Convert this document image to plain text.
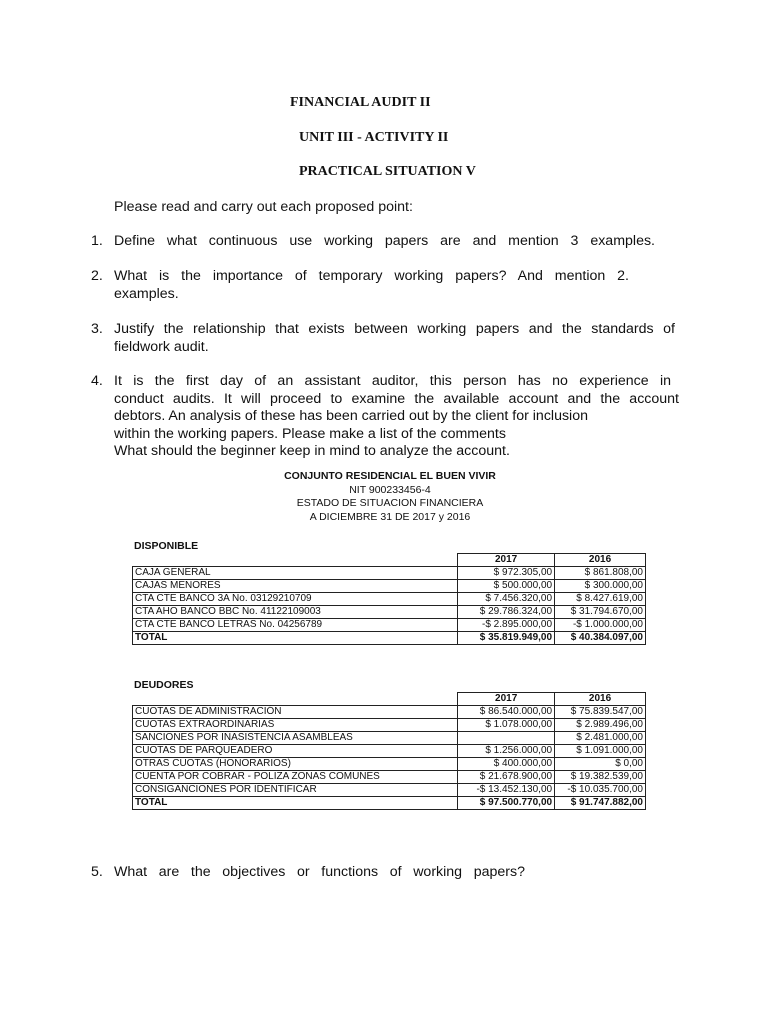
FINANCIAL AUDIT II
UNIT III - ACTIVITY II
PRACTICAL SITUATION V
Please read and carry out each proposed point:
1. Define what continuous use working papers are and mention 3 examples.
2. What is the importance of temporary working papers? And mention 2.
examples.
3. Justify the relationship that exists between working papers and the standards of
fieldwork audit.
4. It is the first day of an assistant auditor, this person has no experience in
conduct audits. It will proceed to examine the available account and the account
debtors. An analysis of these has been carried out by the client for inclusion
within the working papers. Please make a list of the comments
What should the beginner keep in mind to analyze the account.
CONJUNTO RESIDENCIAL EL BUEN VIVIR
NIT 900233456-4
ESTADO DE SITUACION FINANCIERA
A DICIEMBRE 31 DE 2017 y 2016
DISPONIBLE
	2017	2016
CAJA GENERAL	$ 972.305,00	$ 861.808,00
CAJAS MENORES	$ 500.000,00	$ 300.000,00
CTA CTE BANCO 3A No. 03129210709	$ 7.456.320,00	$ 8.427.619,00
CTA AHO BANCO BBC No. 41122109003	$ 29.786.324,00	$ 31.794.670,00
CTA CTE BANCO LETRAS No. 04256789	-$ 2.895.000,00	-$ 1.000.000,00
TOTAL	$ 35.819.949,00	$ 40.384.097,00
DEUDORES
	2017	2016
CUOTAS DE ADMINISTRACIÓN	$ 86.540.000,00	$ 75.839.547,00
CUOTAS EXTRAORDINARIAS	$ 1.078.000,00	$ 2.989.496,00
SANCIONES POR INASISTENCIA ASAMBLEAS		$ 2.481.000,00
CUOTAS DE PARQUEADERO	$ 1.256.000,00	$ 1.091.000,00
OTRAS CUOTAS (HONORARIOS)	$ 400.000,00	$ 0,00
CUENTA POR COBRAR - POLIZA ZONAS COMUNES	$ 21.678.900,00	$ 19.382.539,00
CONSIGANCIONES POR IDENTIFICAR	-$ 13.452.130,00	-$ 10.035.700,00
TOTAL	$ 97.500.770,00	$ 91.747.882,00
5. What are the objectives or functions of working papers?
